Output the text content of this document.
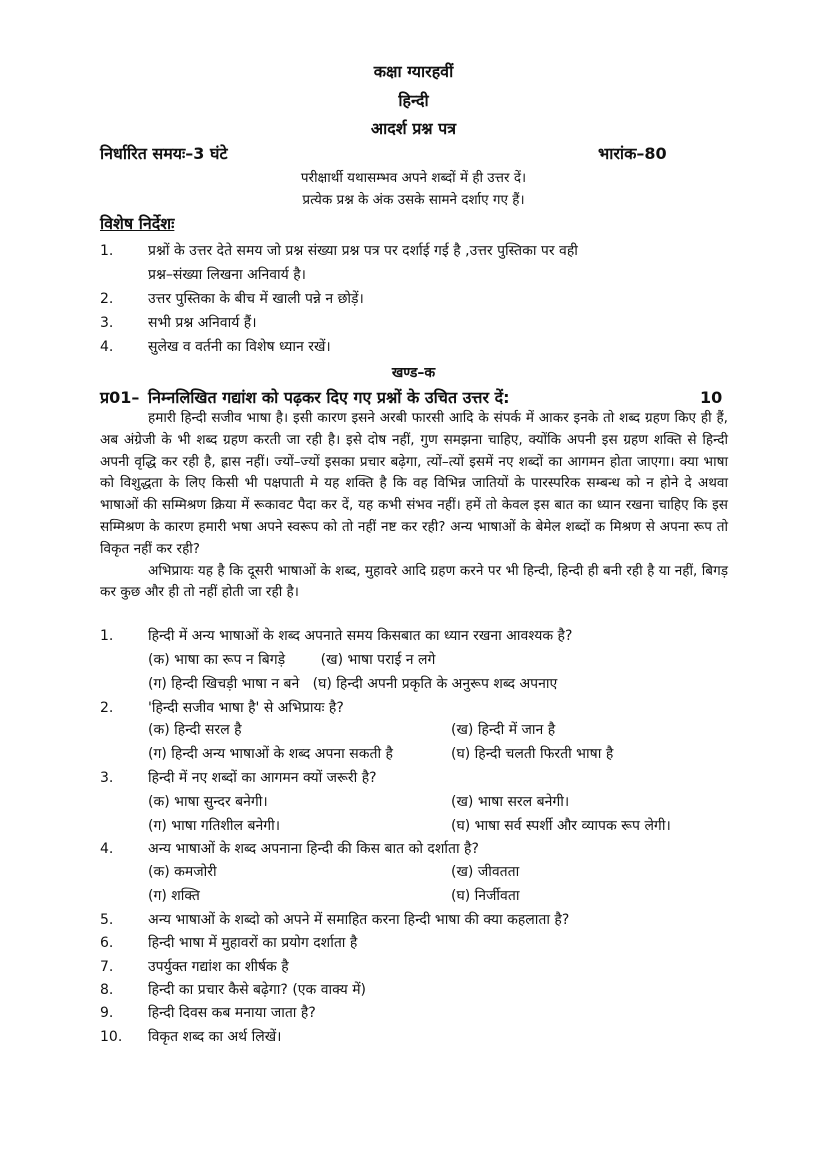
कक्षा ग्यारहवीं
हिन्दी
आदर्श प्रश्न पत्र
निर्धारित समयः–3 घंटे	भारांक–80
परीक्षार्थी यथासम्भव अपने शब्दों में ही उत्तर दें।
प्रत्येक प्रश्न के अंक उसके सामने दर्शाए गए हैं।
विशेष निर्देशः
1. प्रश्नों के उत्तर देते समय जो प्रश्न संख्या प्रश्न पत्र पर दर्शाई गई है ,उत्तर पुस्तिका पर वही
प्रश्न–संख्या लिखना अनिवार्य है।
2. उत्तर पुस्तिका के बीच में खाली पन्ने न छोड़ें।
3. सभी प्रश्न अनिवार्य हैं।
4. सुलेख व वर्तनी का विशेष ध्यान रखें।
खण्ड–क
प्र01– निम्नलिखित गद्यांश को पढ़कर दिए गए प्रश्नों के उचित उत्तर दें:	10

हमारी हिन्दी सजीव भाषा है। इसी कारण इसने अरबी फारसी आदि के संपर्क में आकर इनके तो शब्द ग्रहण किए ही हैं, अब अंग्रेजी के भी शब्द ग्रहण करती जा रही है। इसे दोष नहीं, गुण समझना चाहिए, क्योंकि अपनी इस ग्रहण शक्ति से हिन्दी अपनी वृद्धि कर रही है, ह्रास नहीं। ज्यों–ज्यों इसका प्रचार बढ़ेगा, त्यों–त्यों इसमें नए शब्दों का आगमन होता जाएगा। क्या भाषा को विशुद्धता के लिए किसी भी पक्षपाती मे यह शक्ति है कि वह विभिन्न जातियों के पारस्परिक सम्बन्ध को न होने दे अथवा भाषाओं की सम्मिश्रण क्रिया में रूकावट पैदा कर दें, यह कभी संभव नहीं। हमें तो केवल इस बात का ध्यान रखना चाहिए कि इस सम्मिश्रण के कारण हमारी भषा अपने स्वरूप को तो नहीं नष्ट कर रही? अन्य भाषाओं के बेमेल शब्दों क मिश्रण से अपना रूप तो विकृत नहीं कर रही?

अभिप्रायः यह है कि दूसरी भाषाओं के शब्द, मुहावरे आदि ग्रहण करने पर भी हिन्दी, हिन्दी ही बनी रही है या नहीं, बिगड़ कर कुछ और ही तो नहीं होती जा रही है।

1. हिन्दी में अन्य भाषाओं के शब्द अपनाते समय किसबात का ध्यान रखना आवश्यक है?
(क) भाषा का रूप न बिगड़े        (ख) भाषा पराई न लगे
(ग) हिन्दी खिचड़ी भाषा न बने   (घ) हिन्दी अपनी प्रकृति के अनुरूप शब्द अपनाए
2. 'हिन्दी सजीव भाषा है' से अभिप्रायः है?
(क) हिन्दी सरल है	(ख) हिन्दी में जान है
(ग) हिन्दी अन्य भाषाओं के शब्द अपना सकती है	(घ) हिन्दी चलती फिरती भाषा है
3. हिन्दी में नए शब्दों का आगमन क्यों जरूरी है?
(क) भाषा सुन्दर बनेगी।	(ख) भाषा सरल बनेगी।
(ग) भाषा गतिशील बनेगी।	(घ) भाषा सर्व स्पर्शी और व्यापक रूप लेगी।
4. अन्य भाषाओं के शब्द अपनाना हिन्दी की किस बात को दर्शाता है?
(क) कमजोरी	(ख) जीवतता
(ग) शक्ति	(घ) निर्जीवता
5. अन्य भाषाओं के शब्दो को अपने में समाहित करना हिन्दी भाषा की क्या कहलाता है?
6. हिन्दी भाषा में मुहावरों का प्रयोग दर्शाता है
7. उपर्युक्त गद्यांश का शीर्षक है
8. हिन्दी का प्रचार कैसे बढ़ेगा? (एक वाक्य में)
9. हिन्दी दिवस कब मनाया जाता है?
10. विकृत शब्द का अर्थ लिखें।
